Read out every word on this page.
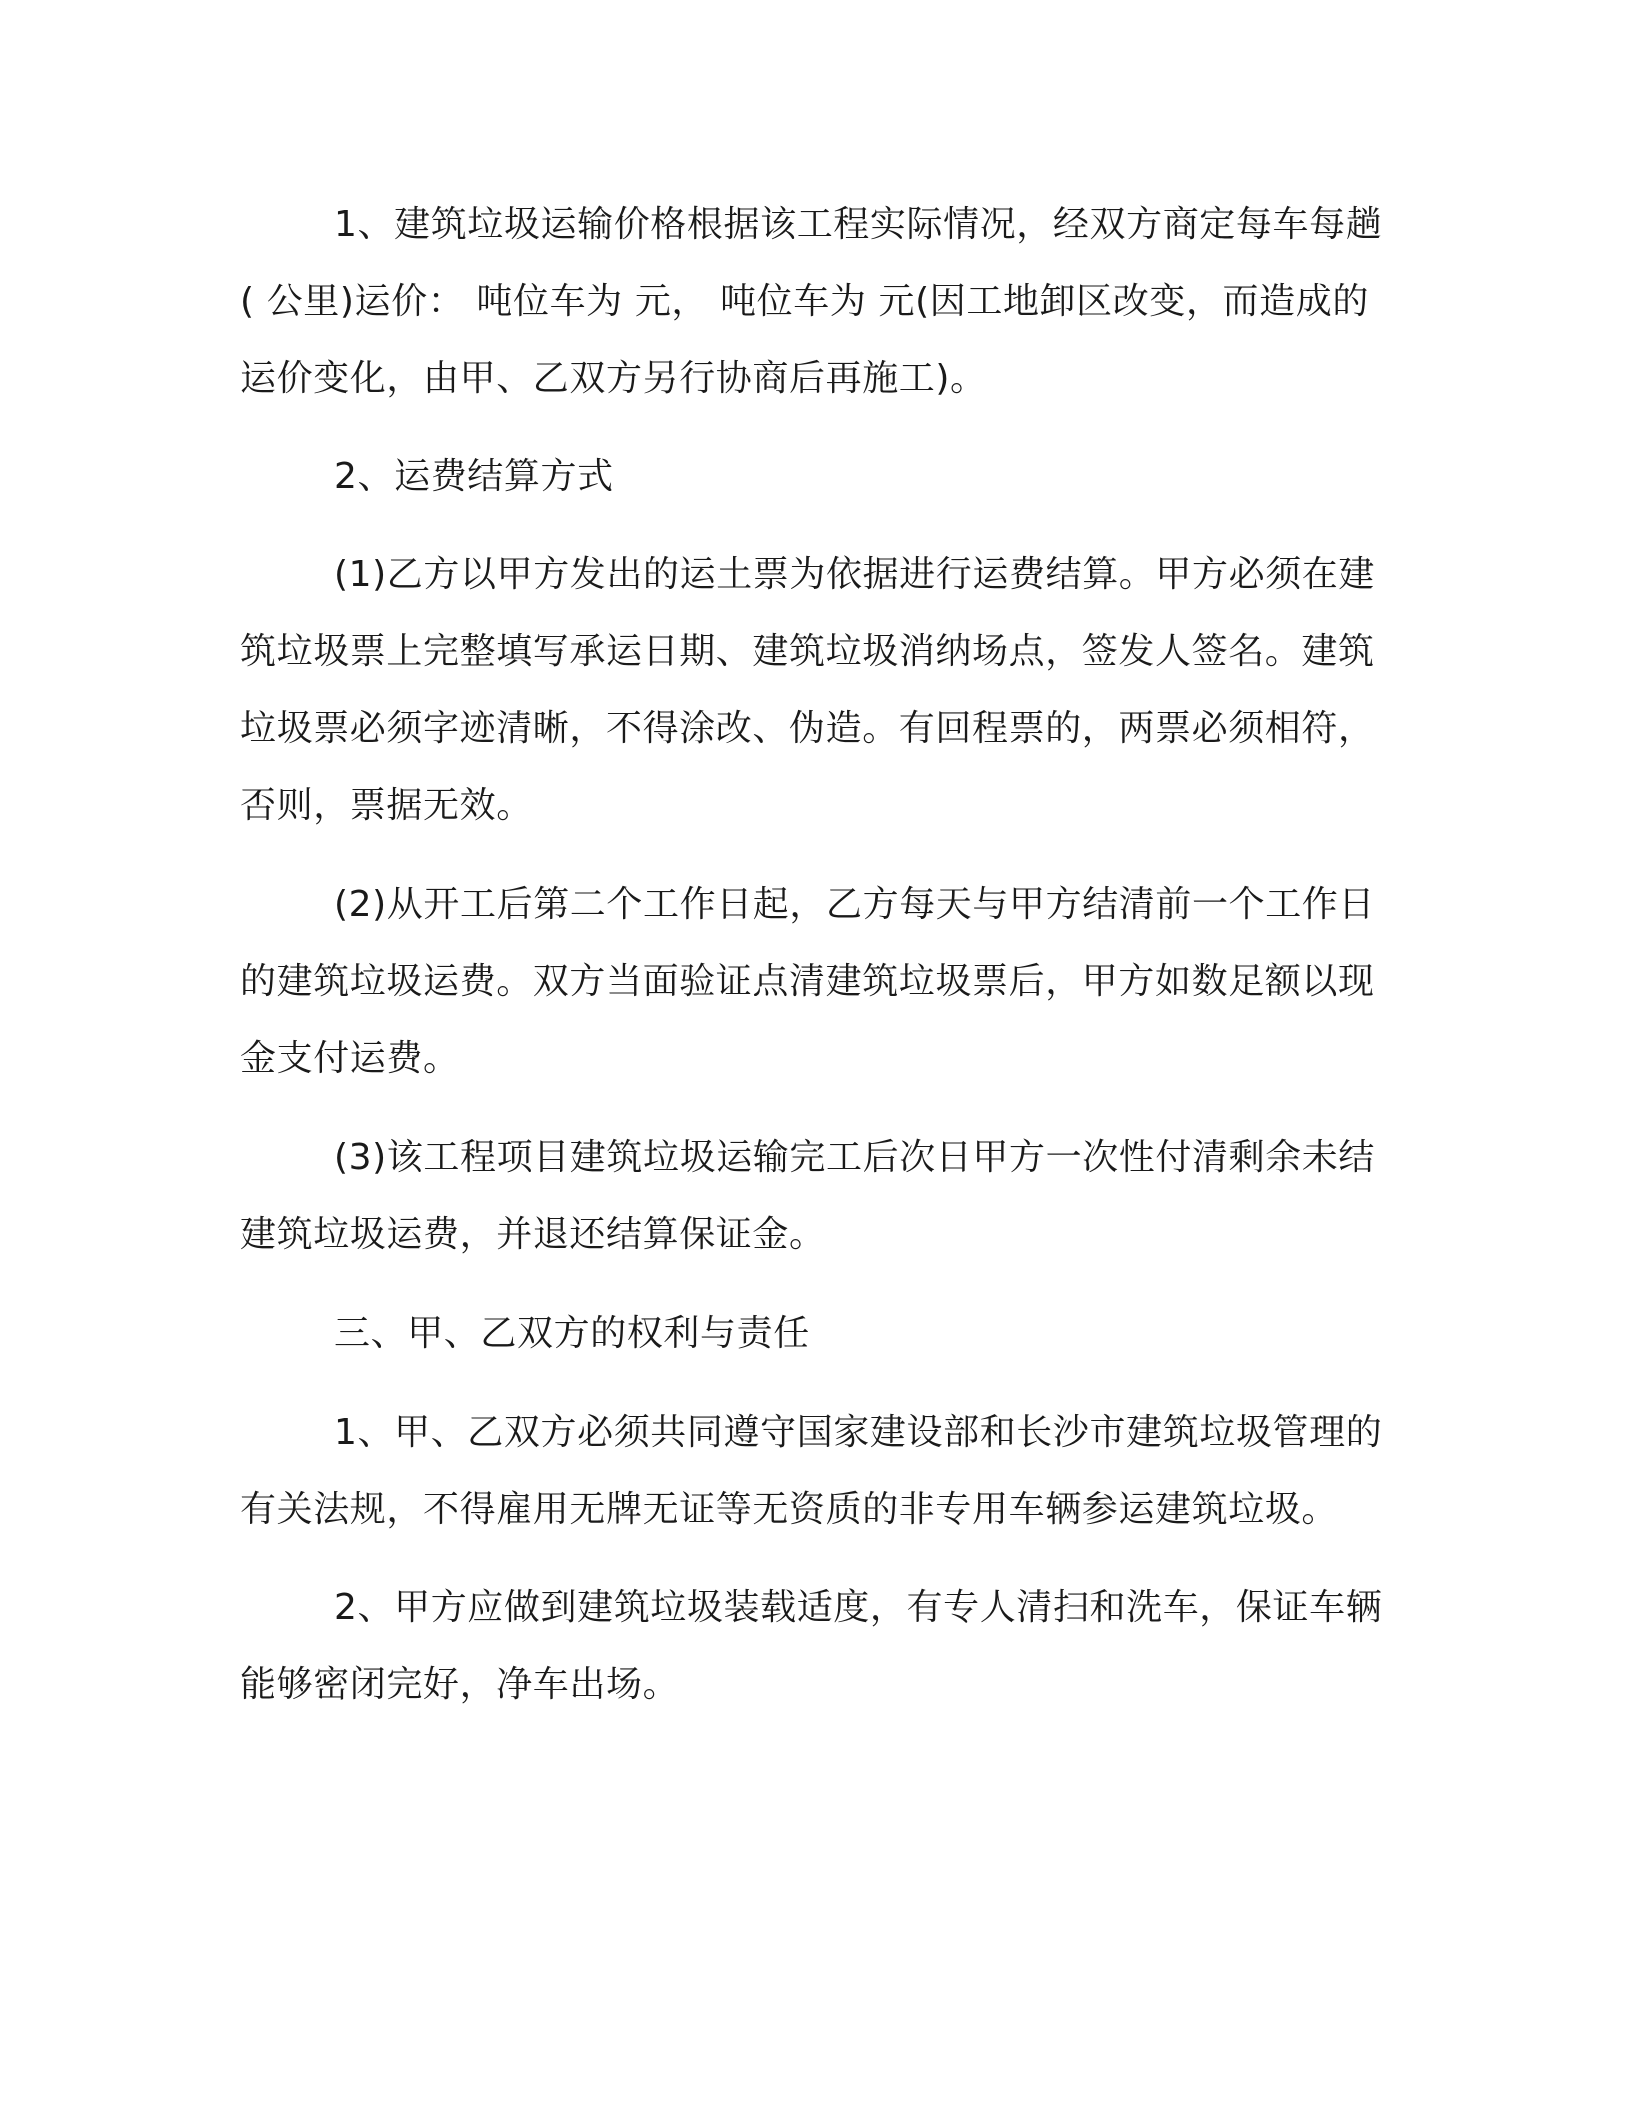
1、建筑垃圾运输价格根据该工程实际情况，经双方商定每车每趟( 公里)运价： 吨位车为 元， 吨位车为 元(因工地卸区改变，而造成的运价变化，由甲、乙双方另行协商后再施工)。

2、运费结算方式

(1)乙方以甲方发出的运土票为依据进行运费结算。甲方必须在建筑垃圾票上完整填写承运日期、建筑垃圾消纳场点，签发人签名。建筑垃圾票必须字迹清晰，不得涂改、伪造。有回程票的，两票必须相符，否则，票据无效。

(2)从开工后第二个工作日起，乙方每天与甲方结清前一个工作日的建筑垃圾运费。双方当面验证点清建筑垃圾票后，甲方如数足额以现金支付运费。

(3)该工程项目建筑垃圾运输完工后次日甲方一次性付清剩余未结建筑垃圾运费，并退还结算保证金。

三、甲、乙双方的权利与责任

1、甲、乙双方必须共同遵守国家建设部和长沙市建筑垃圾管理的有关法规，不得雇用无牌无证等无资质的非专用车辆参运建筑垃圾。

2、甲方应做到建筑垃圾装载适度，有专人清扫和洗车，保证车辆能够密闭完好，净车出场。
